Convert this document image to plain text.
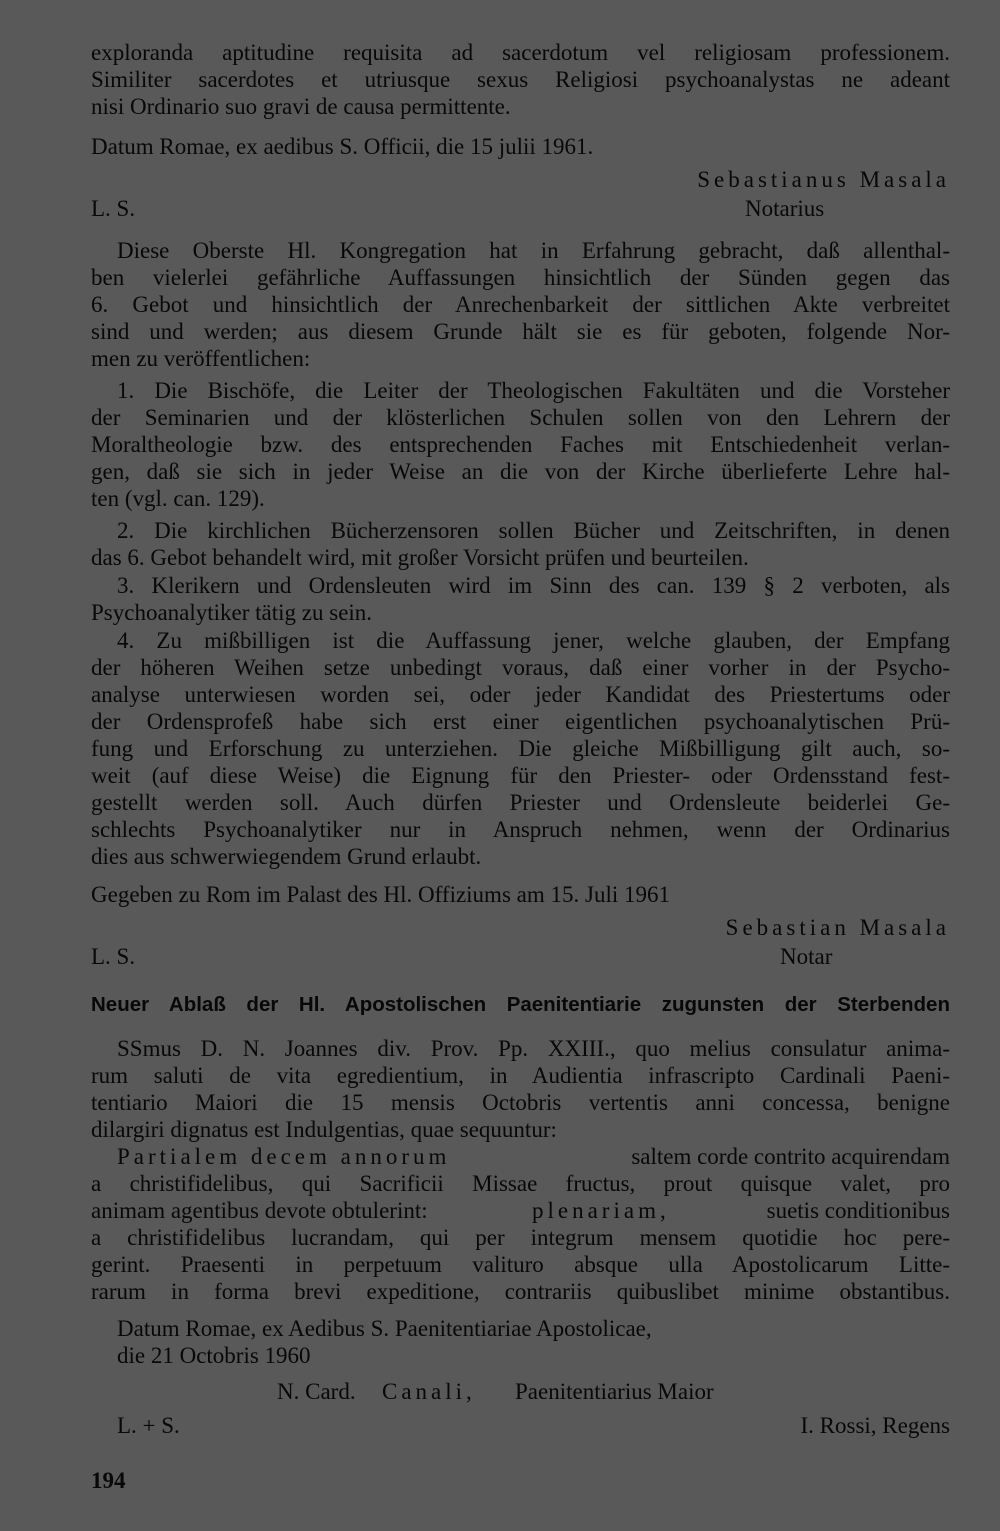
exploranda aptitudine requisita ad sacerdotum vel religiosam professionem.
Similiter sacerdotes et utriusque sexus Religiosi psychoanalystas ne adeant
nisi Ordinario suo gravi de causa permittente.
Datum Romae, ex aedibus S. Officii, die 15 julii 1961.
Sebastianus Masala
L. S.	Notarius
Diese Oberste Hl. Kongregation hat in Erfahrung gebracht, daß allenthal-
ben vielerlei gefährliche Auffassungen hinsichtlich der Sünden gegen das
6. Gebot und hinsichtlich der Anrechenbarkeit der sittlichen Akte verbreitet
sind und werden; aus diesem Grunde hält sie es für geboten, folgende Nor-
men zu veröffentlichen:
1. Die Bischöfe, die Leiter der Theologischen Fakultäten und die Vorsteher
der Seminarien und der klösterlichen Schulen sollen von den Lehrern der
Moraltheologie bzw. des entsprechenden Faches mit Entschiedenheit verlan-
gen, daß sie sich in jeder Weise an die von der Kirche überlieferte Lehre hal-
ten (vgl. can. 129).
2. Die kirchlichen Bücherzensoren sollen Bücher und Zeitschriften, in denen
das 6. Gebot behandelt wird, mit großer Vorsicht prüfen und beurteilen.
3. Klerikern und Ordensleuten wird im Sinn des can. 139 § 2 verboten, als
Psychoanalytiker tätig zu sein.
4. Zu mißbilligen ist die Auffassung jener, welche glauben, der Empfang
der höheren Weihen setze unbedingt voraus, daß einer vorher in der Psycho-
analyse unterwiesen worden sei, oder jeder Kandidat des Priestertums oder
der Ordensprofeß habe sich erst einer eigentlichen psychoanalytischen Prü-
fung und Erforschung zu unterziehen. Die gleiche Mißbilligung gilt auch, so-
weit (auf diese Weise) die Eignung für den Priester- oder Ordensstand fest-
gestellt werden soll. Auch dürfen Priester und Ordensleute beiderlei Ge-
schlechts Psychoanalytiker nur in Anspruch nehmen, wenn der Ordinarius
dies aus schwerwiegendem Grund erlaubt.
Gegeben zu Rom im Palast des Hl. Offiziums am 15. Juli 1961
Sebastian Masala
L. S.	Notar
Neuer Ablaß der Hl. Apostolischen Paenitentiarie zugunsten der Sterbenden
SSmus D. N. Joannes div. Prov. Pp. XXIII., quo melius consulatur anima-
rum saluti de vita egredientium, in Audientia infrascripto Cardinali Paeni-
tentiario Maiori die 15 mensis Octobris vertentis anni concessa, benigne
dilargiri dignatus est Indulgentias, quae sequuntur:
Partialem decem annorum	saltem corde contrito acquirendam
a christifidelibus, qui Sacrificii Missae fructus, prout quisque valet, pro
animam agentibus devote obtulerint:	plenariam,	suetis conditionibus
a christifidelibus lucrandam, qui per integrum mensem quotidie hoc pere-
gerint. Praesenti in perpetuum valituro absque ulla Apostolicarum Litte-
rarum in forma brevi expeditione, contrariis quibuslibet minime obstantibus.
Datum Romae, ex Aedibus S. Paenitentiariae Apostolicae,
die 21 Octobris 1960
N. Card. Canali, Paenitentiarius Maior
L. + S.	I. Rossi, Regens
194
